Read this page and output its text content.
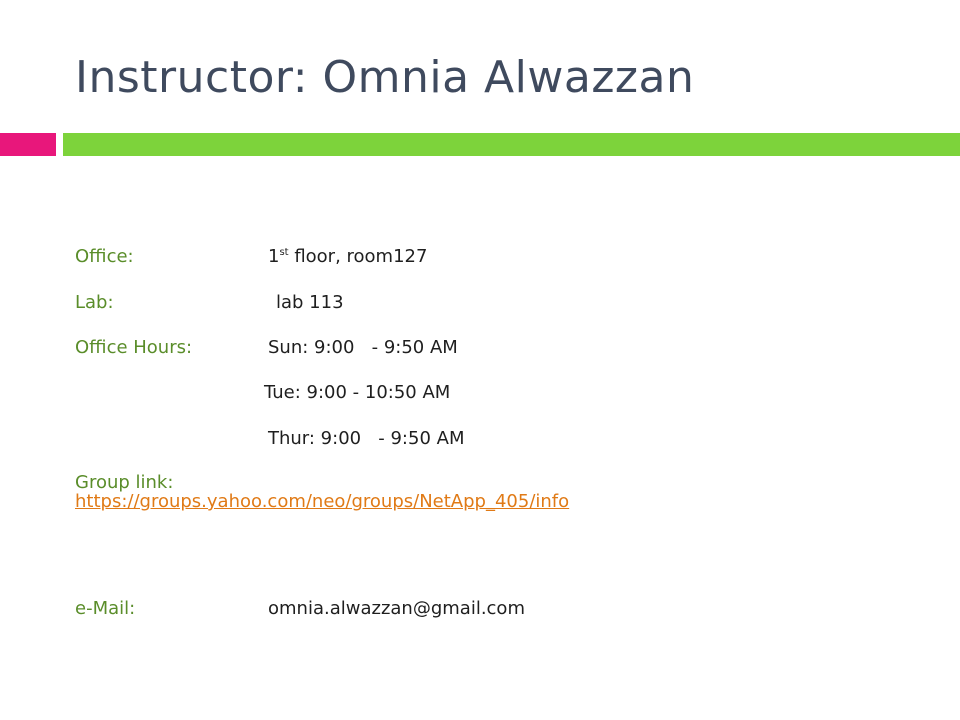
Instructor: Omnia Alwazzan
Office:	1st floor, room127
Lab:	lab 113
Office Hours:	Sun: 9:00   - 9:50 AM
Tue: 9:00 - 10:50 AM
Thur: 9:00   - 9:50 AM
Group link:
https://groups.yahoo.com/neo/groups/NetApp_405/info
e-Mail:	omnia.alwazzan@gmail.com
